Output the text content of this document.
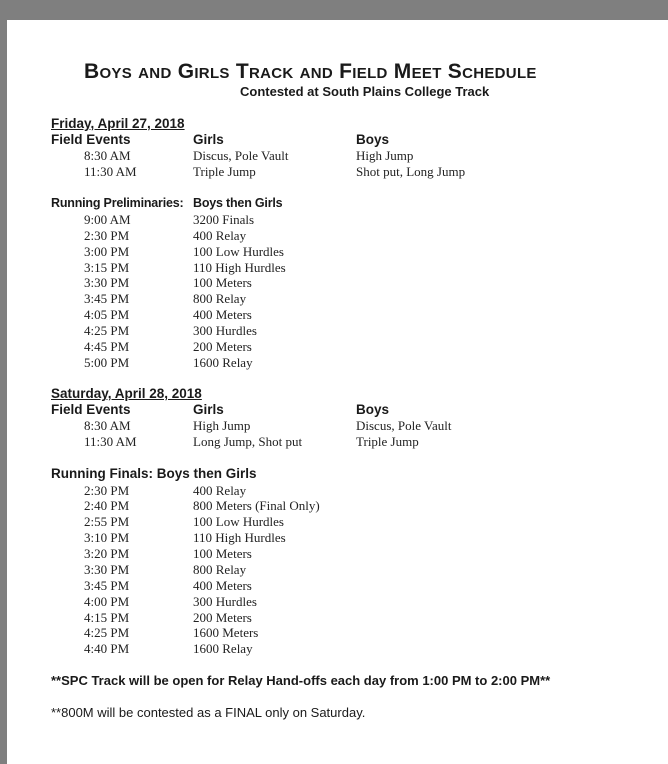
Boys and Girls Track and Field Meet Schedule
Contested at South Plains College Track
Friday, April 27, 2018
Field Events	Girls	Boys
8:30 AM	Discus, Pole Vault	High Jump
11:30 AM	Triple Jump	Shot put, Long Jump
Running Preliminaries: Boys then Girls
9:00 AM	3200 Finals
2:30 PM	400 Relay
3:00 PM	100 Low Hurdles
3:15 PM	110 High Hurdles
3:30 PM	100 Meters
3:45 PM	800 Relay
4:05 PM	400 Meters
4:25 PM	300 Hurdles
4:45 PM	200 Meters
5:00 PM	1600 Relay
Saturday, April 28, 2018
Field Events	Girls	Boys
8:30 AM	High Jump	Discus, Pole Vault
11:30 AM	Long Jump, Shot put	Triple Jump
Running Finals: Boys then Girls
2:30 PM	400 Relay
2:40 PM	800 Meters (Final Only)
2:55 PM	100 Low Hurdles
3:10 PM	110 High Hurdles
3:20 PM	100 Meters
3:30 PM	800 Relay
3:45 PM	400 Meters
4:00 PM	300 Hurdles
4:15 PM	200 Meters
4:25 PM	1600 Meters
4:40 PM	1600 Relay
**SPC Track will be open for Relay Hand-offs each day from 1:00 PM to 2:00 PM**
**800M will be contested as a FINAL only on Saturday.
